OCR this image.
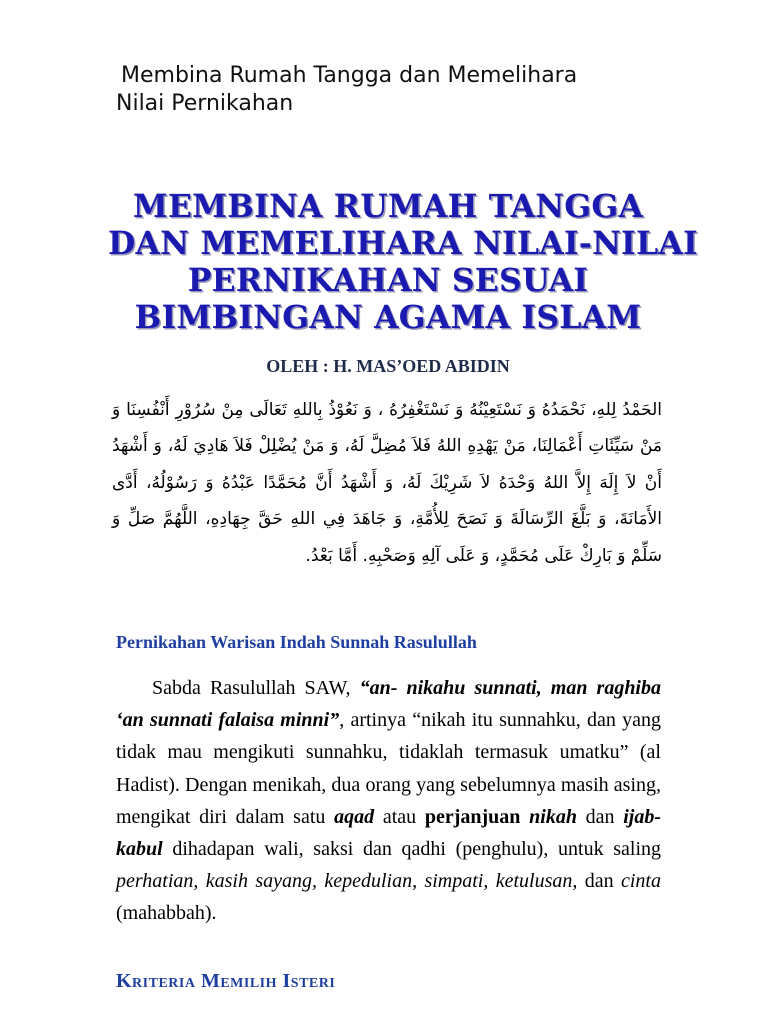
Membina Rumah Tangga dan Memelihara
Nilai Pernikahan
MEMBINA RUMAH TANGGA
DAN MEMELIHARA NILAI-NILAI
PERNIKAHAN SESUAI
BIMBINGAN AGAMA ISLAM
OLEH : H. MAS’OED ABIDIN
الحَمْدُ لِلهِ، نَحْمَدُهُ وَ نَسْتَعِيْنُهُ وَ نَسْتَغْفِرُهُ ، وَ نَعُوْذُ بِاللهِ تَعَالَى مِنْ سُرُوْرِ أَنْفُسِنَا وَ مَنْ سَيِّئَاتِ أَعْمَالِنَا، مَنْ يَهْدِهِ اللهُ فَلاَ مُضِلَّ لَهُ، وَ مَنْ يُضْلِلْ فَلاَ هَادِيَ لَهُ، وَ أَشْهَدُ أَنْ لاَ إِلَهَ إِلاَّ اللهُ وَحْدَهُ لاَ شَرِيْكَ لَهُ، وَ أَشْهَدُ أَنَّ مُحَمَّدًا عَبْدُهُ وَ رَسُوْلُهُ، أَدَّى الأَمَانَةَ، وَ بَلَّغَ الرِّسَالَةَ وَ نَصَحَ لِلأُمَّةِ، وَ جَاهَدَ فِي اللهِ حَقَّ جِهَادِهِ، اللَّهُمَّ صَلِّ وَ سَلِّمْ وَ بَارِكْ عَلَى مُحَمَّدٍ، وَ عَلَى آلِهِ وَصَحْبِهِ. أَمَّا بَعْدُ.
Pernikahan Warisan Indah Sunnah Rasulullah
Sabda Rasulullah SAW, “an- nikahu sunnati, man raghiba ‘an sunnati falaisa minni”, artinya “nikah itu sunnahku, dan yang tidak mau mengikuti sunnahku, tidaklah termasuk umatku” (al Hadist). Dengan menikah, dua orang yang sebelumnya masih asing, mengikat diri dalam satu aqad atau perjanjuan nikah dan ijab-kabul dihadapan wali, saksi dan qadhi (penghulu), untuk saling perhatian, kasih sayang, kepedulian, simpati, ketulusan, dan cinta (mahabbah).
Kriteria Memilih Isteri
